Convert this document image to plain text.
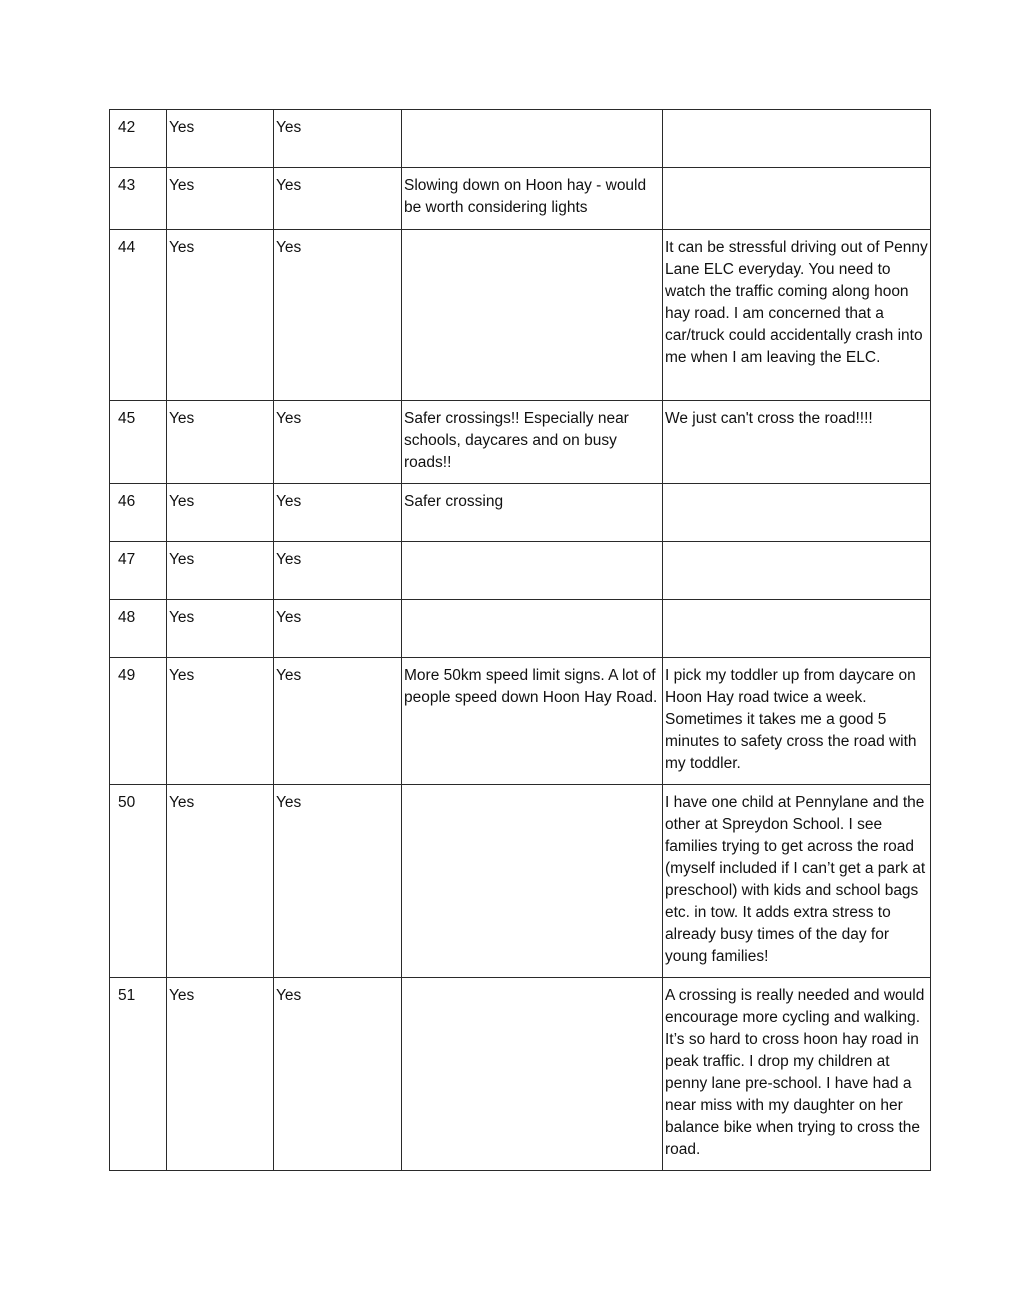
42	Yes	Yes		
43	Yes	Yes	Slowing down on Hoon hay - would be worth considering lights	
44	Yes	Yes		It can be stressful driving out of Penny Lane ELC everyday. You need to watch the traffic coming along hoon hay road. I am concerned that a car/truck could accidentally crash into me when I am leaving the ELC.
45	Yes	Yes	Safer crossings!! Especially near schools, daycares and on busy roads!!	We just can't cross the road!!!!
46	Yes	Yes	Safer crossing	
47	Yes	Yes		
48	Yes	Yes		
49	Yes	Yes	More 50km speed limit signs. A lot of people speed down Hoon Hay Road.	I pick my toddler up from daycare on Hoon Hay road twice a week. Sometimes it takes me a good 5 minutes to safety cross the road with my toddler.
50	Yes	Yes		I have one child at Pennylane and the other at Spreydon School. I see families trying to get across the road (myself included if I can’t get a park at preschool) with kids and school bags etc. in tow. It adds extra stress to already busy times of the day for young families!
51	Yes	Yes		A crossing is really needed and would encourage more cycling and walking. It’s so hard to cross hoon hay road in peak traffic. I drop my children at penny lane pre-school. I have had a near miss with my daughter on her balance bike when trying to cross the road.
